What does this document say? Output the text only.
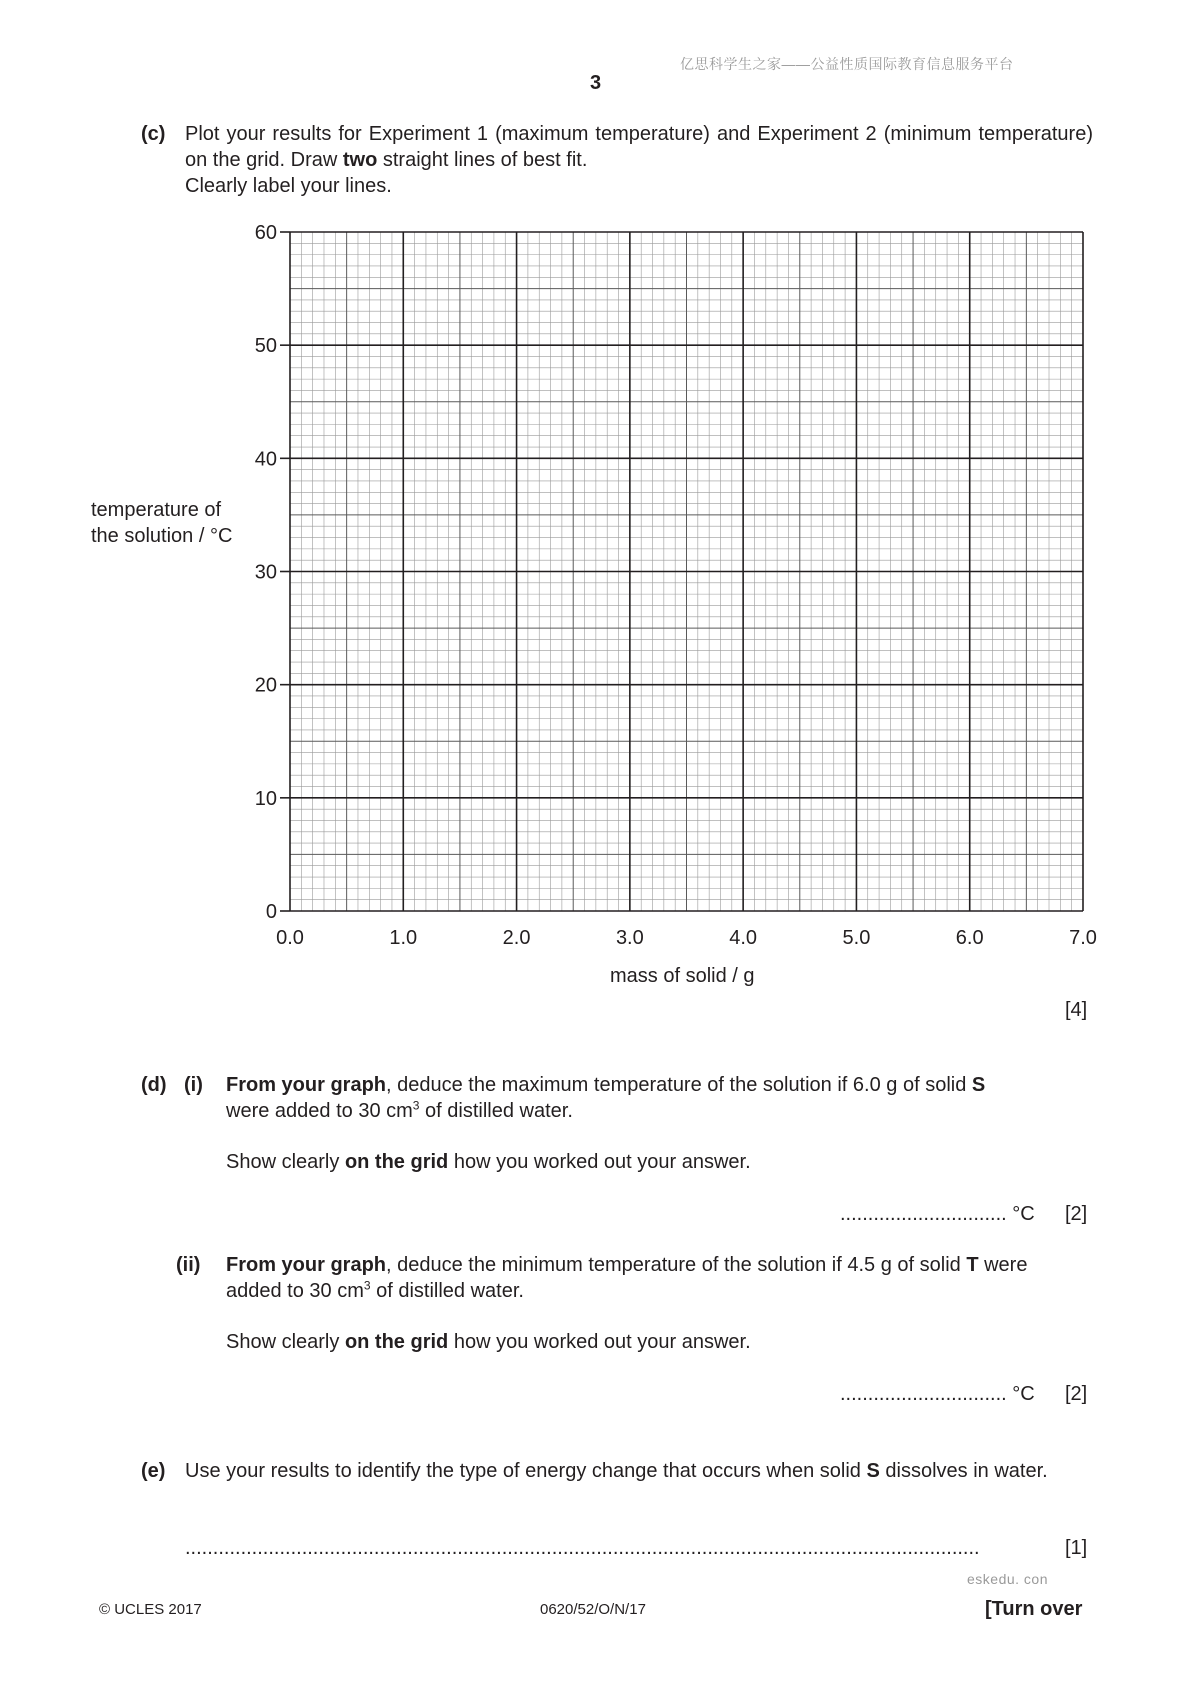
亿思科学生之家——公益性质国际教育信息服务平台
3
(c) Plot your results for Experiment 1 (maximum temperature) and Experiment 2 (minimum temperature) on the grid. Draw two straight lines of best fit.
Clearly label your lines.
0
10
20
30
40
50
60
0.0	1.0	2.0	3.0	4.0	5.0	6.0	7.0
temperature of
the solution / °C
mass of solid / g
[4]
(d) (i) From your graph, deduce the maximum temperature of the solution if 6.0 g of solid S
were added to 30 $cm^3$ of distilled water.
Show clearly on the grid how you worked out your answer.
.............................. °C [2]
(ii) From your graph, deduce the minimum temperature of the solution if 4.5 g of solid T were
added to 30 $cm^3$ of distilled water.
Show clearly on the grid how you worked out your answer.
.............................. °C [2]
(e) Use your results to identify the type of energy change that occurs when solid S dissolves in water.
...............................................................................................................................................	[1]
eskedu. con
© UCLES 2017	0620/52/O/N/17	[Turn over
